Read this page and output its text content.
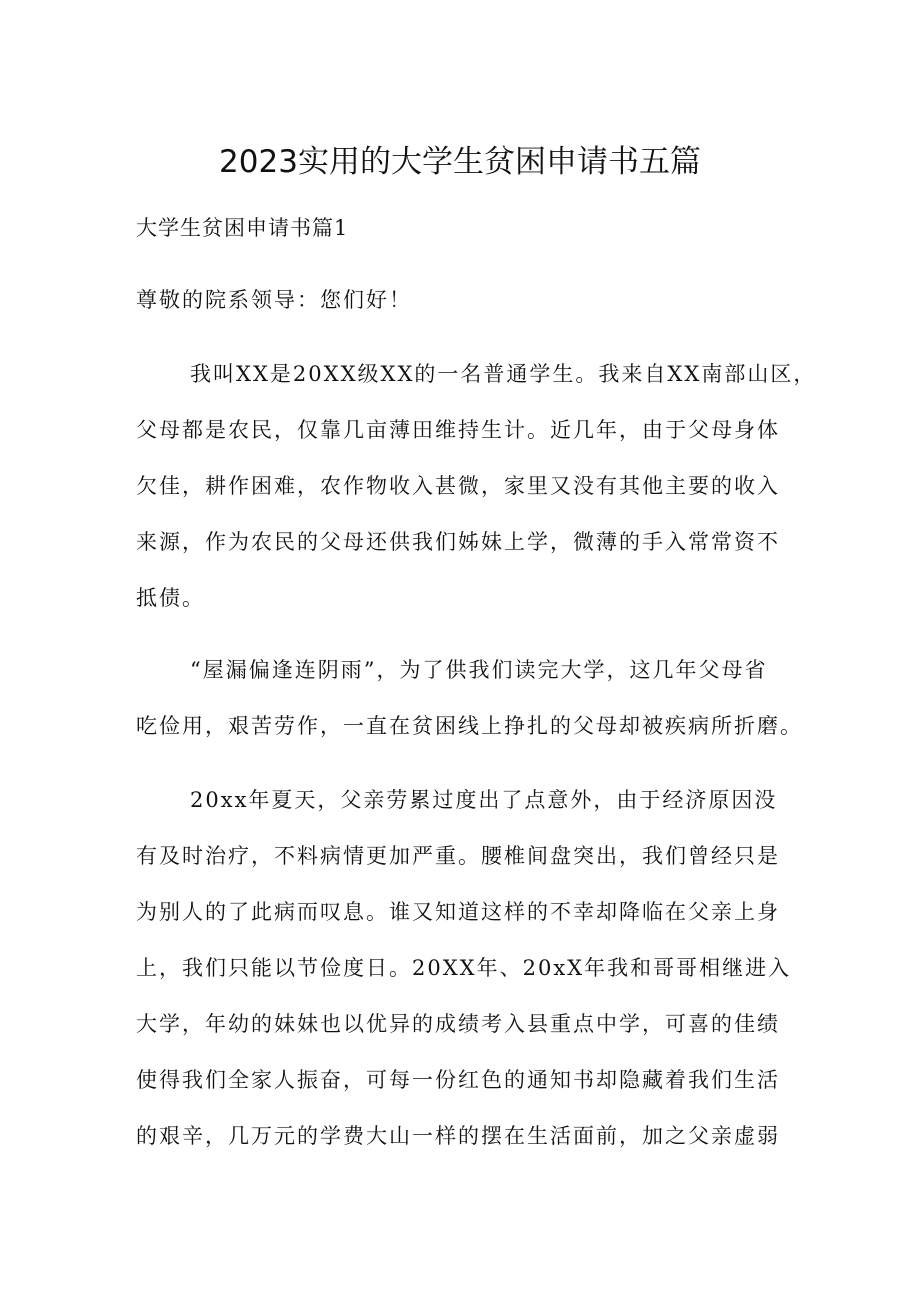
2023实用的大学生贫困申请书五篇
大学生贫困申请书篇1
尊敬的院系领导：您们好！
我叫XX是20XX级XX的一名普通学生。我来自XX南部山区，
父母都是农民，仅靠几亩薄田维持生计。近几年，由于父母身体
欠佳，耕作困难，农作物收入甚微，家里又没有其他主要的收入
来源，作为农民的父母还供我们姊妹上学，微薄的手入常常资不
抵债。
“屋漏偏逢连阴雨”，为了供我们读完大学，这几年父母省
吃俭用，艰苦劳作，一直在贫困线上挣扎的父母却被疾病所折磨。
20xx年夏天，父亲劳累过度出了点意外，由于经济原因没
有及时治疗，不料病情更加严重。腰椎间盘突出，我们曾经只是
为别人的了此病而叹息。谁又知道这样的不幸却降临在父亲上身
上，我们只能以节俭度日。20XX年、20xX年我和哥哥相继进入
大学，年幼的妹妹也以优异的成绩考入县重点中学，可喜的佳绩
使得我们全家人振奋，可每一份红色的通知书却隐藏着我们生活
的艰辛，几万元的学费大山一样的摆在生活面前，加之父亲虚弱
